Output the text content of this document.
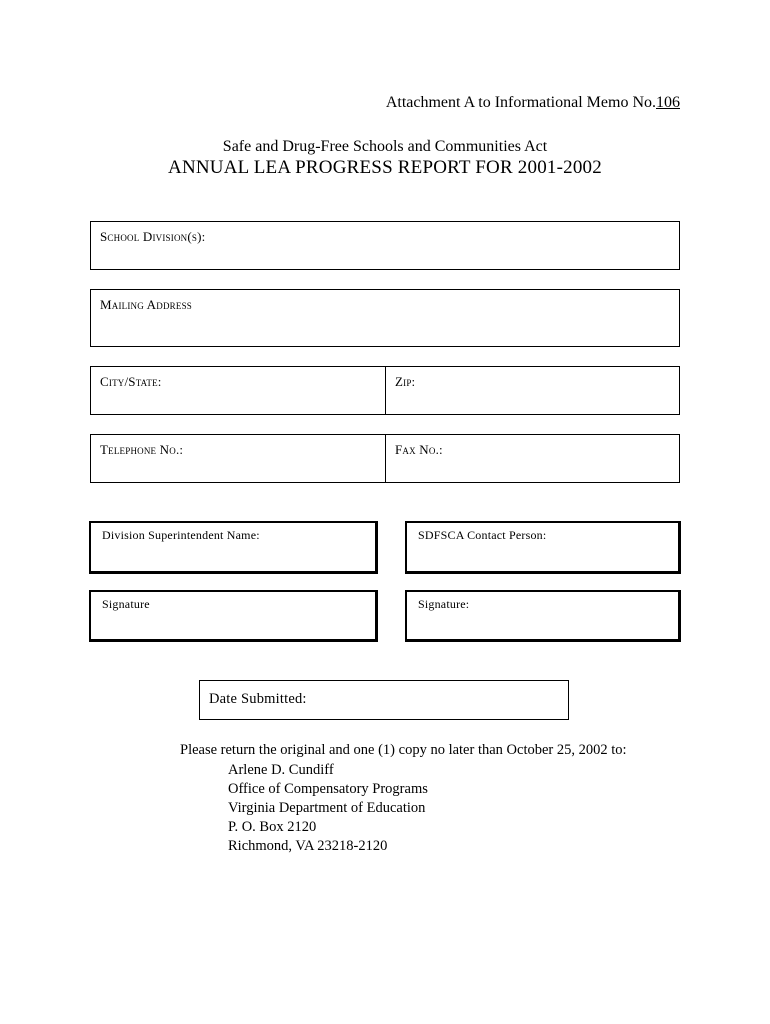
Attachment A to Informational Memo No.106
Safe and Drug-Free Schools and Communities Act
ANNUAL LEA PROGRESS REPORT FOR 2001-2002
School Division(s):
Mailing Address
City/State:	Zip:
Telephone No.:	Fax No.:
Division Superintendent Name:	SDFSCA Contact Person:
Signature	Signature:
Date Submitted:
Please return the original and one (1) copy no later than October 25, 2002 to:
Arlene D. Cundiff
Office of Compensatory Programs
Virginia Department of Education
P. O. Box 2120
Richmond, VA 23218-2120
